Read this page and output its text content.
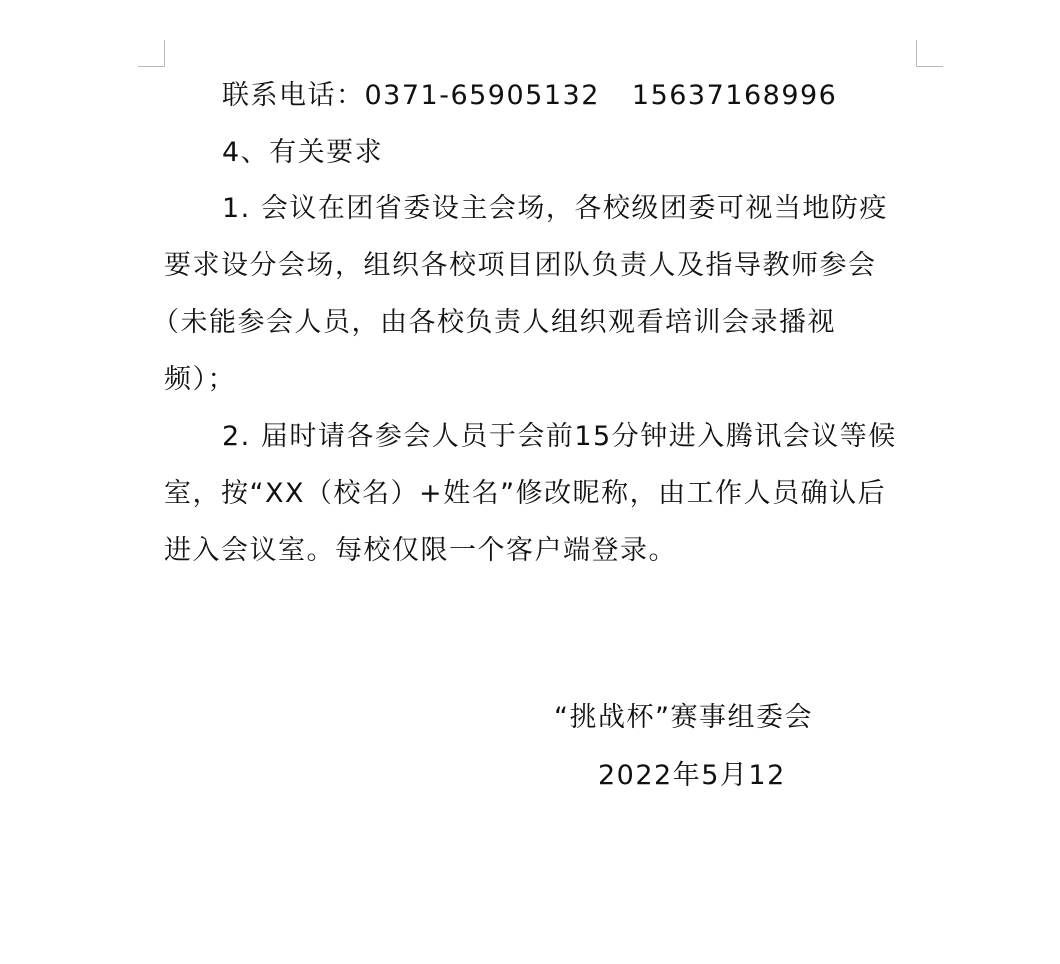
联系电话：0371-65905132 15637168996
4、有关要求
1. 会议在团省委设主会场，各校级团委可视当地防疫
要求设分会场，组织各校项目团队负责人及指导教师参会
（未能参会人员，由各校负责人组织观看培训会录播视
频）；
2. 届时请各参会人员于会前15分钟进入腾讯会议等候
室，按“XX（校名）+姓名”修改昵称，由工作人员确认后
进入会议室。每校仅限一个客户端登录。
“挑战杯”赛事组委会
2022年5月12
